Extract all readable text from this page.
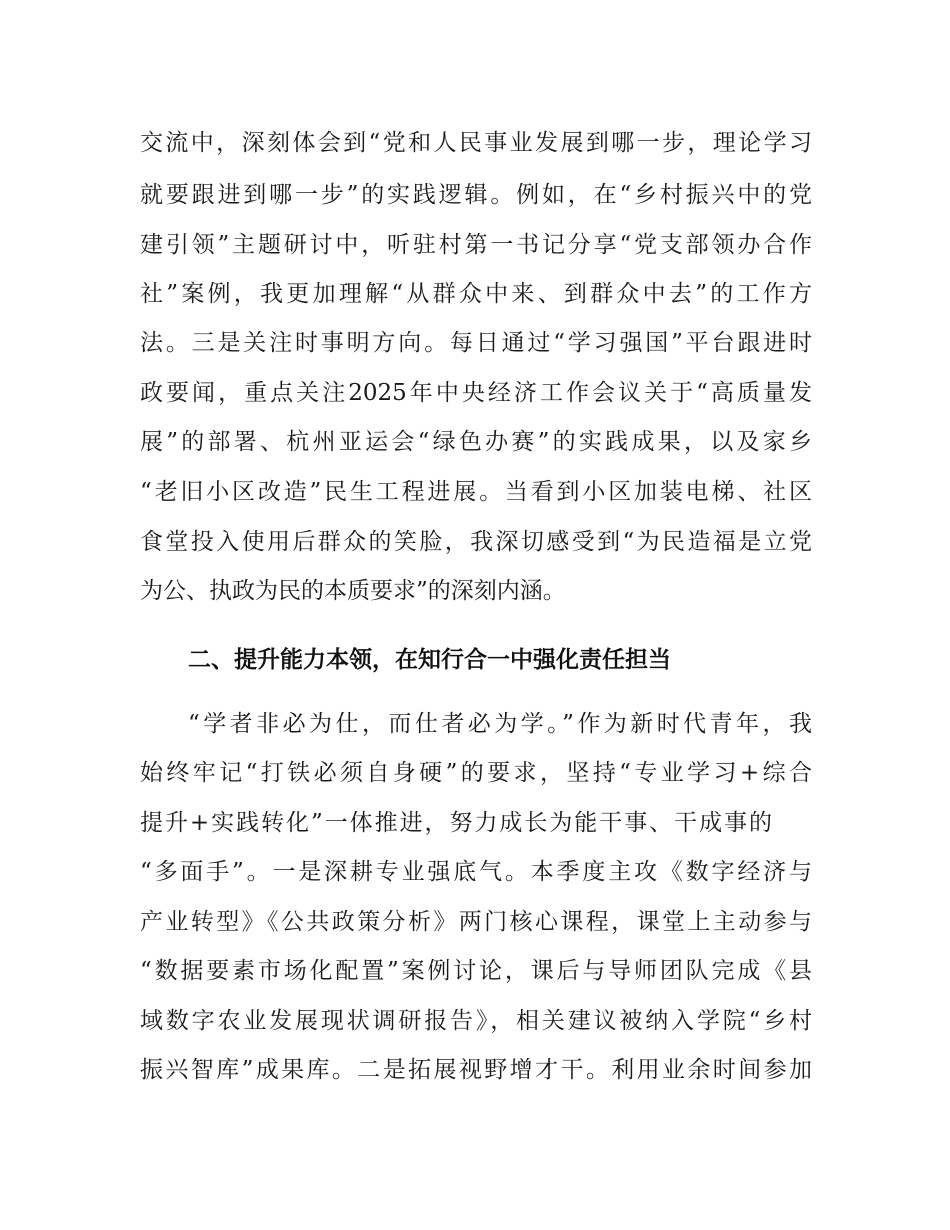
交流中，深刻体会到“党和人民事业发展到哪一步，理论学习
就要跟进到哪一步”的实践逻辑。例如，在“乡村振兴中的党
建引领”主题研讨中，听驻村第一书记分享“党支部领办合作
社”案例，我更加理解“从群众中来、到群众中去”的工作方
法。三是关注时事明方向。每日通过“学习强国”平台跟进时
政要闻，重点关注2025年中央经济工作会议关于“高质量发
展”的部署、杭州亚运会“绿色办赛”的实践成果，以及家乡
“老旧小区改造”民生工程进展。当看到小区加装电梯、社区
食堂投入使用后群众的笑脸，我深切感受到“为民造福是立党
为公、执政为民的本质要求”的深刻内涵。
二、提升能力本领，在知行合一中强化责任担当
“学者非必为仕，而仕者必为学。”作为新时代青年，我
始终牢记“打铁必须自身硬”的要求，坚持“专业学习+综合
提升+实践转化”一体推进，努力成长为能干事、干成事的
“多面手”。一是深耕专业强底气。本季度主攻《数字经济与
产业转型》《公共政策分析》两门核心课程，课堂上主动参与
“数据要素市场化配置”案例讨论，课后与导师团队完成《县
域数字农业发展现状调研报告》，相关建议被纳入学院“乡村
振兴智库”成果库。二是拓展视野增才干。利用业余时间参加
